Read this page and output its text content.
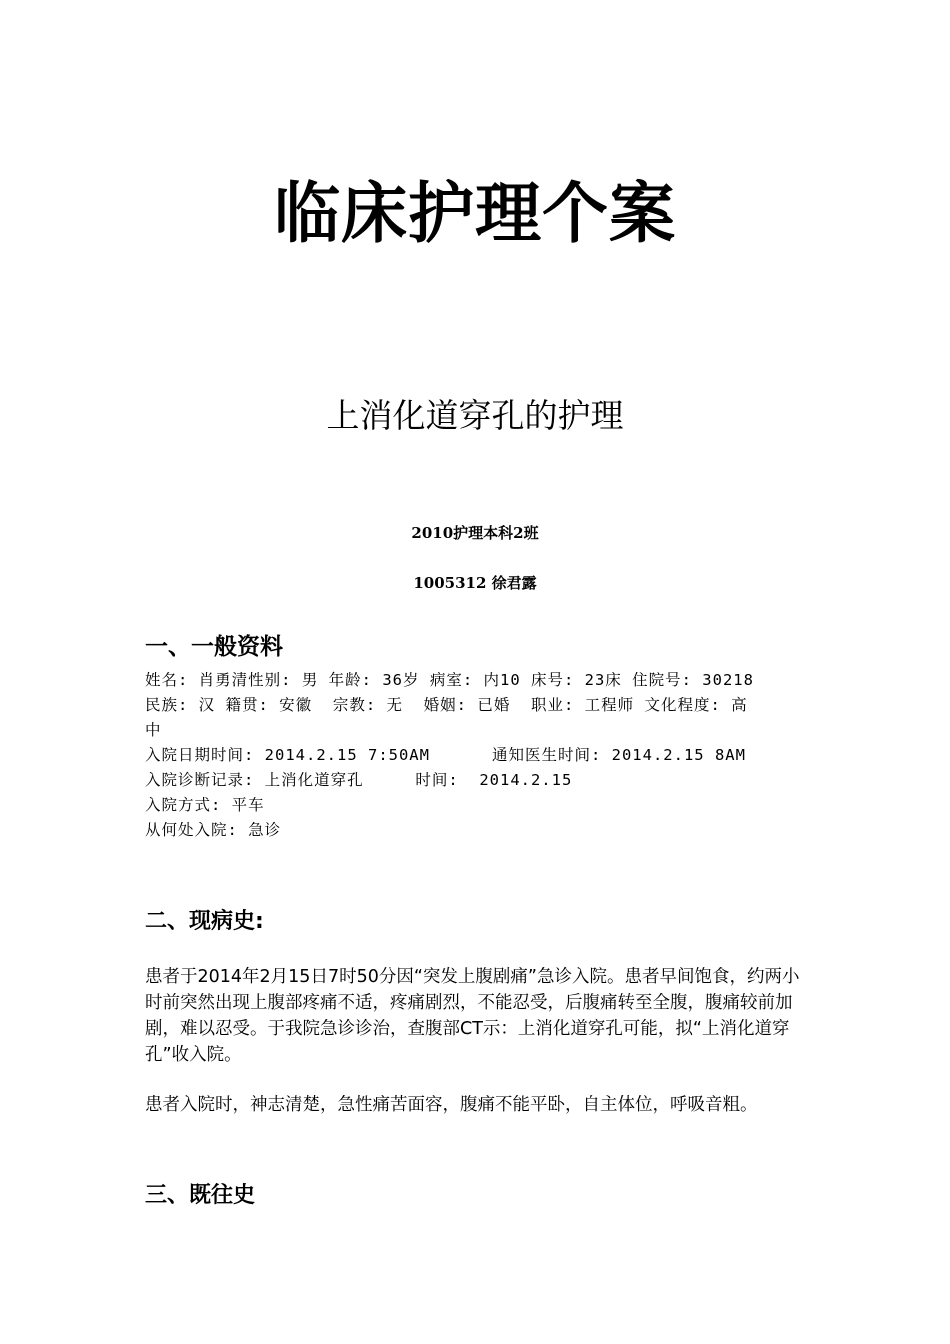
临床护理个案
上消化道穿孔的护理
2010护理本科2班
1005312 徐君露
一、一般资料
姓名: 肖勇清性别: 男 年龄: 36岁 病室: 内10 床号: 23床 住院号: 30218
民族: 汉 籍贯: 安徽  宗教: 无  婚姻: 已婚  职业: 工程师 文化程度: 高
中
入院日期时间: 2014.2.15 7:50AM      通知医生时间: 2014.2.15 8AM
入院诊断记录: 上消化道穿孔     时间:  2014.2.15
入院方式: 平车
从何处入院: 急诊
二、现病史:
患者于2014年2月15日7时50分因“突发上腹剧痛”急诊入院。患者早间饱食，约两小时前突然出现上腹部疼痛不适，疼痛剧烈，不能忍受，后腹痛转至全腹，腹痛较前加剧，难以忍受。于我院急诊诊治，查腹部CT示：上消化道穿孔可能，拟“上消化道穿孔”收入院。
患者入院时，神志清楚，急性痛苦面容，腹痛不能平卧，自主体位，呼吸音粗。
三、既往史
